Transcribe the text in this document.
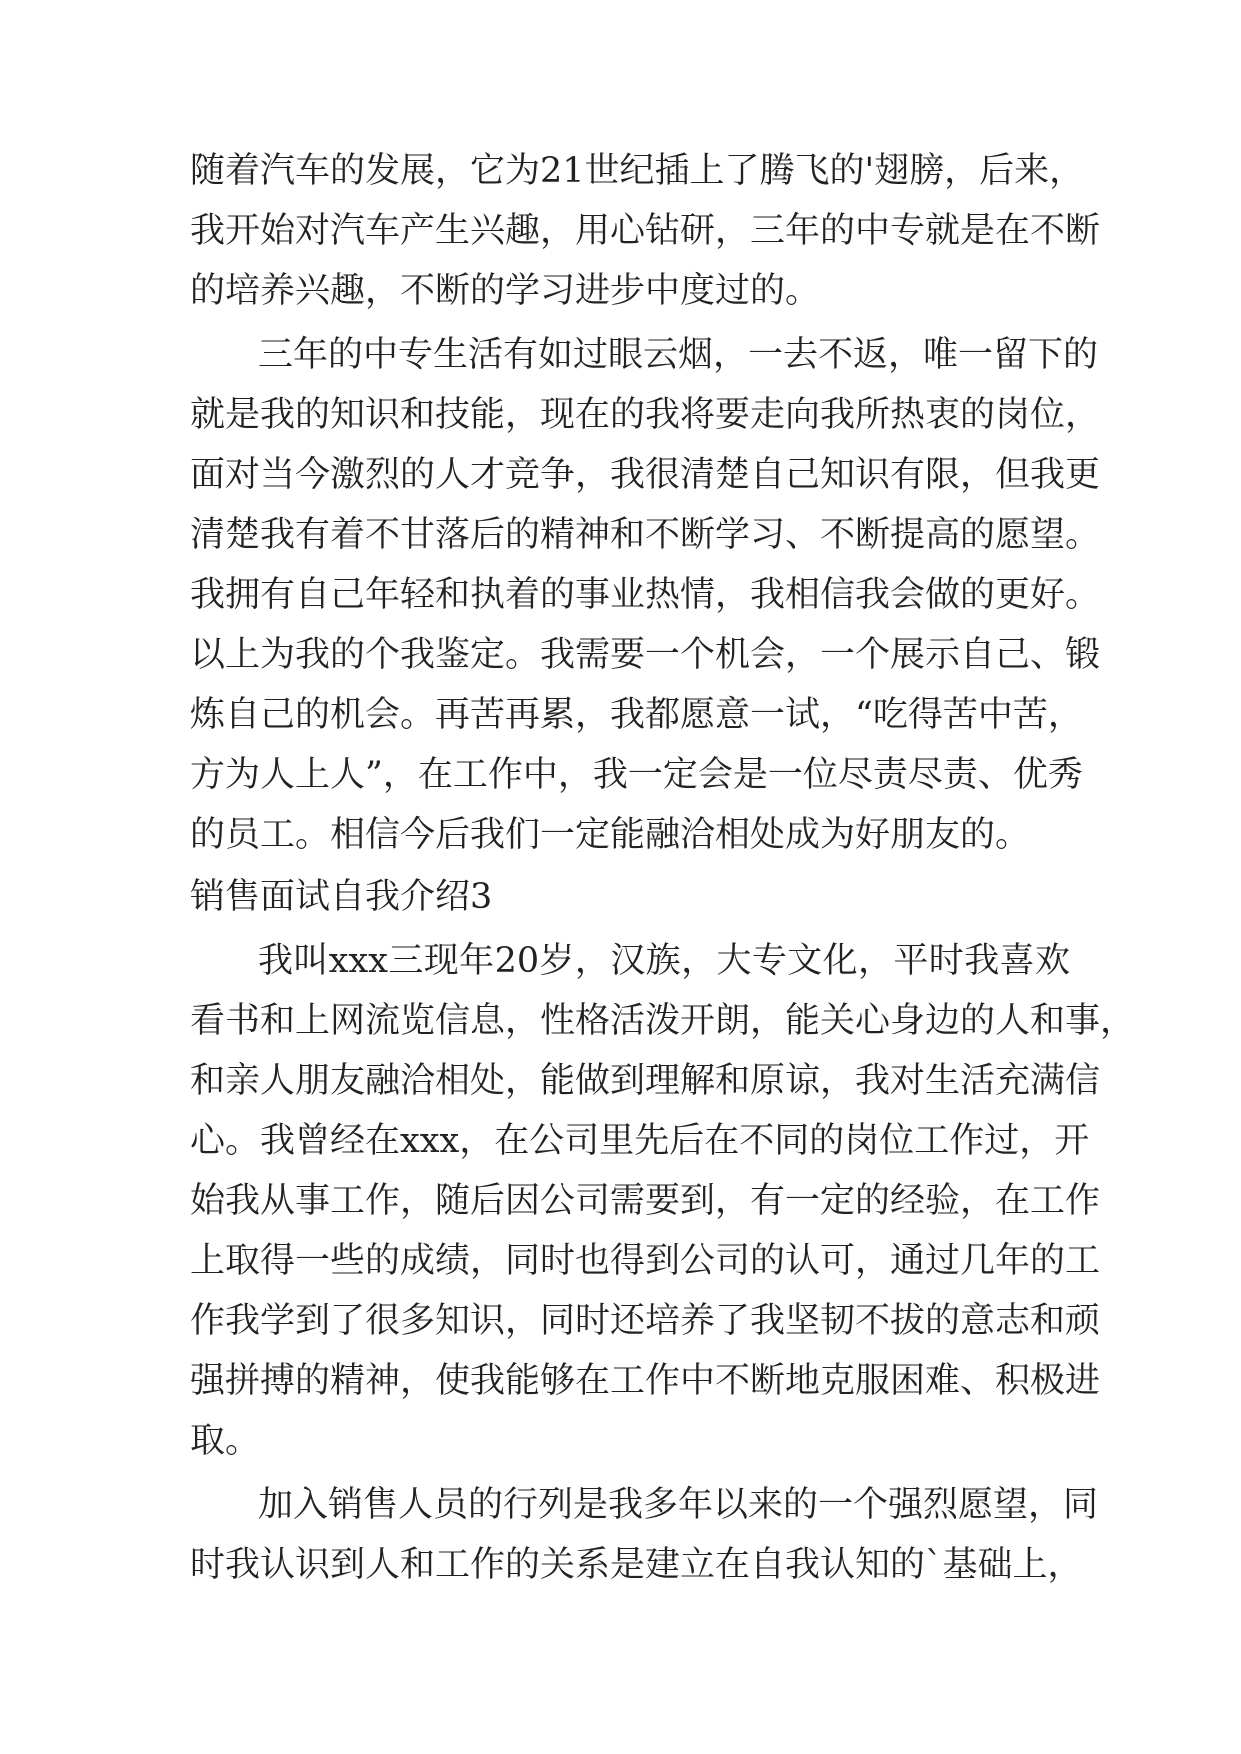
随着汽车的发展，它为21世纪插上了腾飞的'翅膀，后来，
我开始对汽车产生兴趣，用心钻研，三年的中专就是在不断
的培养兴趣，不断的学习进步中度过的。
三年的中专生活有如过眼云烟，一去不返，唯一留下的
就是我的知识和技能，现在的我将要走向我所热衷的岗位，
面对当今激烈的人才竞争，我很清楚自己知识有限，但我更
清楚我有着不甘落后的精神和不断学习、不断提高的愿望。
我拥有自己年轻和执着的事业热情，我相信我会做的更好。
以上为我的个我鉴定。我需要一个机会，一个展示自己、锻
炼自己的机会。再苦再累，我都愿意一试，“吃得苦中苦，
方为人上人”，在工作中，我一定会是一位尽责尽责、优秀
的员工。相信今后我们一定能融洽相处成为好朋友的。
销售面试自我介绍3
我叫xxx三现年20岁，汉族，大专文化，平时我喜欢
看书和上网流览信息，性格活泼开朗，能关心身边的人和事，
和亲人朋友融洽相处，能做到理解和原谅，我对生活充满信
心。我曾经在xxx，在公司里先后在不同的岗位工作过，开
始我从事工作，随后因公司需要到，有一定的经验，在工作
上取得一些的成绩，同时也得到公司的认可，通过几年的工
作我学到了很多知识，同时还培养了我坚韧不拔的意志和顽
强拼搏的精神，使我能够在工作中不断地克服困难、积极进
取。
加入销售人员的行列是我多年以来的一个强烈愿望，同
时我认识到人和工作的关系是建立在自我认知的`基础上，
